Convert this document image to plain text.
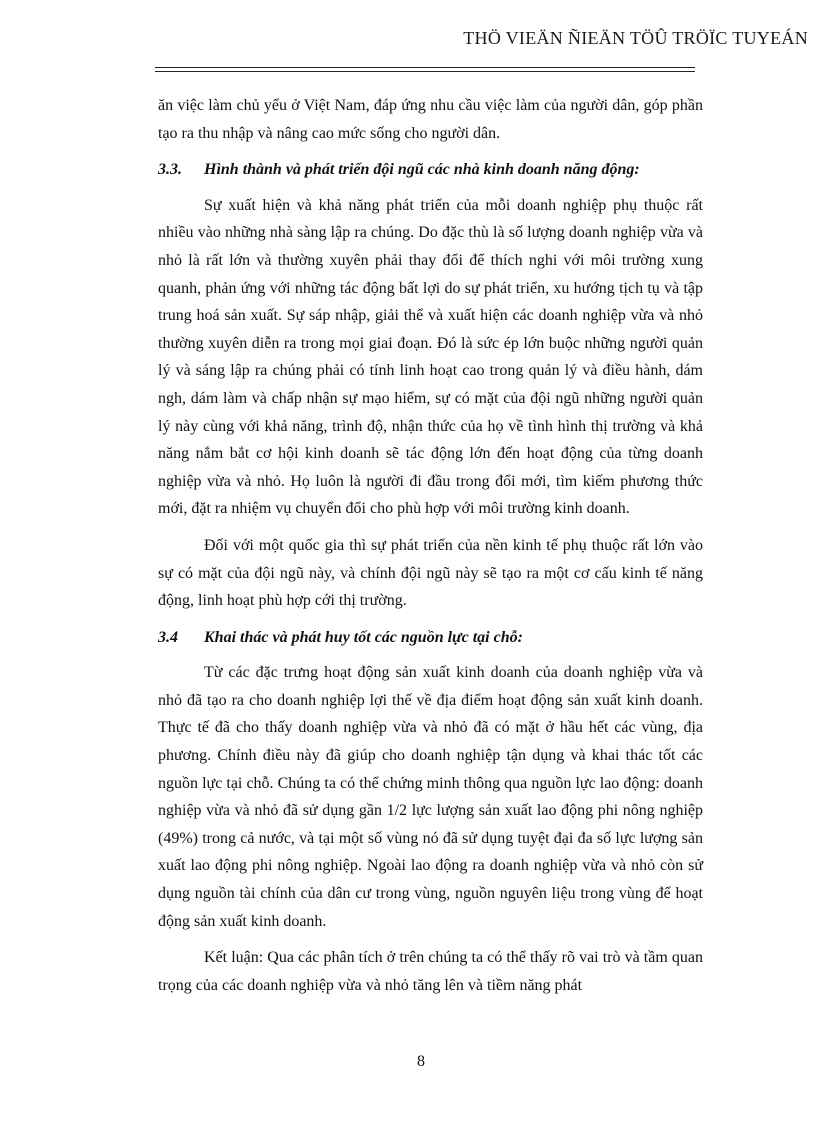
THÖ VIEÄN ÑIEÄN TÖÛ TRÖÏC TUYEÁN

ăn việc làm chủ yếu ở Việt Nam, đáp ứng nhu cầu việc làm của người dân, góp phần tạo ra thu nhập và nâng cao mức sống cho người dân.

3.3. Hình thành và phát triển đội ngũ các nhà kinh doanh năng động:

Sự xuất hiện và khả năng phát triển của mỗi doanh nghiệp phụ thuộc rất nhiều vào những nhà sàng lập ra chúng. Do đặc thù là số lượng doanh nghiệp vừa và nhỏ là rất lớn và thường xuyên phải thay đổi để thích nghi với môi trường xung quanh, phản ứng với những tác động bất lợi do sự phát triển, xu hướng tịch tụ và tập trung hoá sản xuất. Sự sáp nhập, giải thể và xuất hiện các doanh nghiệp vừa và nhỏ thường xuyên diễn ra trong mọi giai đoạn. Đó là sức ép lớn buộc những người quản lý và sáng lập ra chúng phải có tính linh hoạt cao trong quản lý và điều hành, dám ngh, dám làm và chấp nhận sự mạo hiểm, sự có mặt của đội ngũ những người quản lý này cùng với khả năng, trình độ, nhận thức của họ về tình hình thị trường và khả năng nắm bắt cơ hội kinh doanh sẽ tác động lớn đến hoạt động của từng doanh nghiệp vừa và nhỏ. Họ luôn là người đi đầu trong đổi mới, tìm kiếm phương thức mới, đặt ra nhiệm vụ chuyển đổi cho phù hợp với môi trường kinh doanh.

Đối với một quốc gia thì sự phát triển của nền kinh tế phụ thuộc rất lớn vào sự có mặt của đội ngũ này, và chính đội ngũ này sẽ tạo ra một cơ cấu kinh tế năng động, linh hoạt phù hợp cới thị trường.

3.4 Khai thác và phát huy tốt các nguồn lực tại chỗ:

Từ các đặc trưng hoạt động sản xuất kinh doanh của doanh nghiệp vừa và nhỏ đã tạo ra cho doanh nghiệp lợi thế về địa điểm hoạt động sản xuất kinh doanh. Thực tế đã cho thấy doanh nghiệp vừa và nhỏ đã có mặt ở hầu hết các vùng, địa phương. Chính điều này đã giúp cho doanh nghiệp tận dụng và khai thác tốt các nguồn lực tại chỗ. Chúng ta có thể chứng minh thông qua nguồn lực lao động: doanh nghiệp vừa và nhỏ đã sử dụng gần 1/2 lực lượng sản xuất lao động phi nông nghiệp (49%) trong cả nước, và tại một số vùng nó đã sử dụng tuyệt đại đa số lực lượng sản xuất lao động phi nông nghiệp. Ngoài lao động ra doanh nghiệp vừa và nhỏ còn sử dụng nguồn tài chính của dân cư trong vùng, nguồn nguyên liệu trong vùng để hoạt động sản xuất kinh doanh.

Kết luận: Qua các phân tích ở trên chúng ta có thể thấy rõ vai trò và tầm quan trọng của các doanh nghiệp vừa và nhỏ tăng lên và tiềm năng phát

8
